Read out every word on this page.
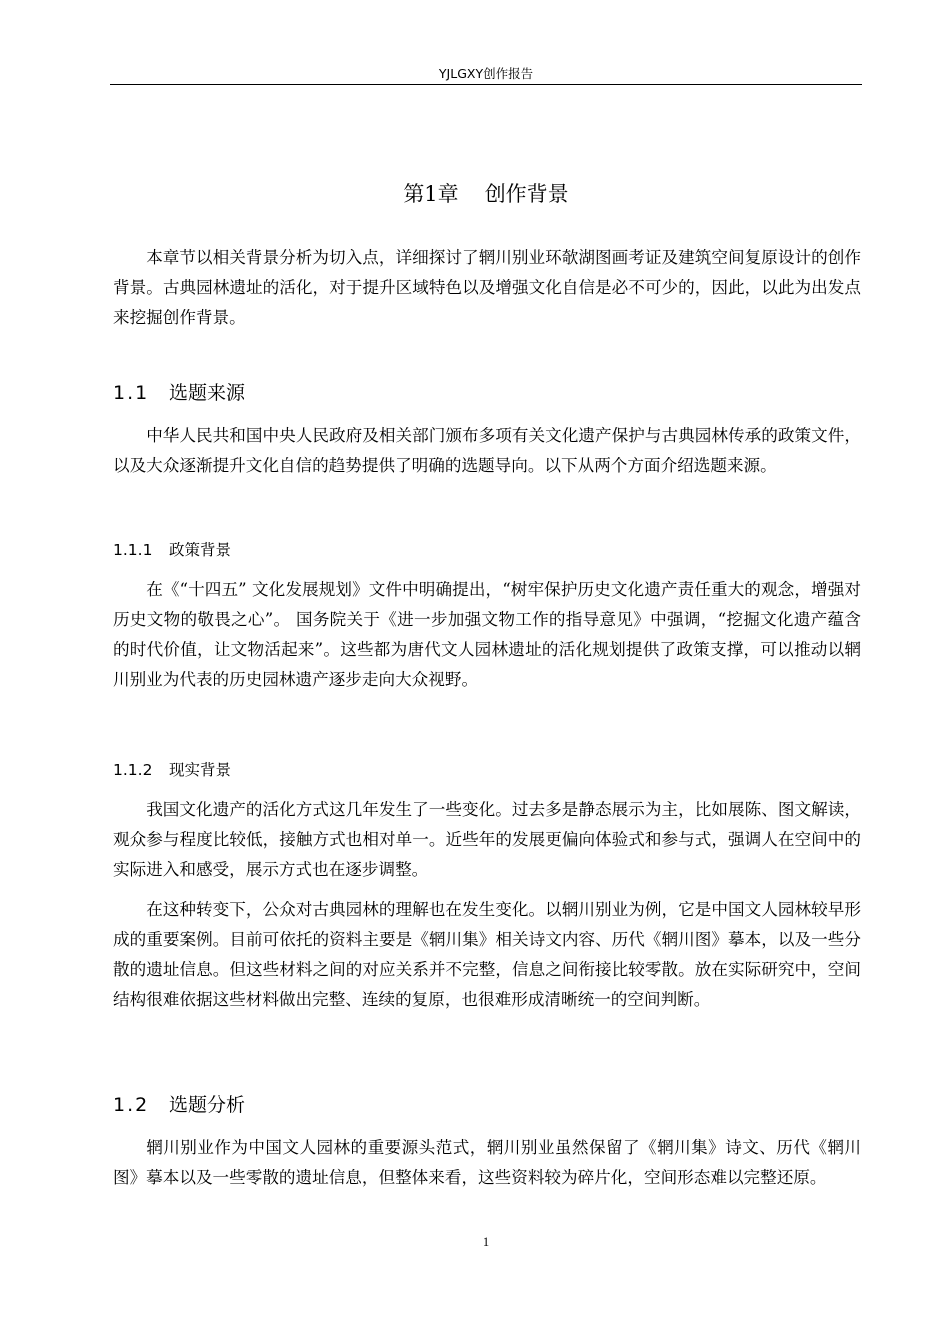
YJLGXY创作报告
第1章 创作背景

本章节以相关背景分析为切入点，详细探讨了辋川别业环欹湖图画考证及建筑空间复原设计的创作背景。古典园林遗址的活化，对于提升区域特色以及增强文化自信是必不可少的，因此，以此为出发点来挖掘创作背景。

1.1 选题来源

中华人民共和国中央人民政府及相关部门颁布多项有关文化遗产保护与古典园林传承的政策文件，以及大众逐渐提升文化自信的趋势提供了明确的选题导向。以下从两个方面介绍选题来源。

1.1.1 政策背景

在《“十四五” 文化发展规划》文件中明确提出，“树牢保护历史文化遗产责任重大的观念，增强对历史文物的敬畏之心”。 国务院关于《进一步加强文物工作的指导意见》中强调，“挖掘文化遗产蕴含的时代价值，让文物活起来”。这些都为唐代文人园林遗址的活化规划提供了政策支撑，可以推动以辋川别业为代表的历史园林遗产逐步走向大众视野。

1.1.2 现实背景

我国文化遗产的活化方式这几年发生了一些变化。过去多是静态展示为主，比如展陈、图文解读，观众参与程度比较低，接触方式也相对单一。近些年的发展更偏向体验式和参与式，强调人在空间中的实际进入和感受，展示方式也在逐步调整。

在这种转变下，公众对古典园林的理解也在发生变化。以辋川别业为例，它是中国文人园林较早形成的重要案例。目前可依托的资料主要是《辋川集》相关诗文内容、历代《辋川图》摹本，以及一些分散的遗址信息。但这些材料之间的对应关系并不完整，信息之间衔接比较零散。放在实际研究中，空间结构很难依据这些材料做出完整、连续的复原，也很难形成清晰统一的空间判断。

1.2 选题分析

辋川别业作为中国文人园林的重要源头范式，辋川别业虽然保留了《辋川集》诗文、历代《辋川图》摹本以及一些零散的遗址信息，但整体来看，这些资料较为碎片化，空间形态难以完整还原。

1
